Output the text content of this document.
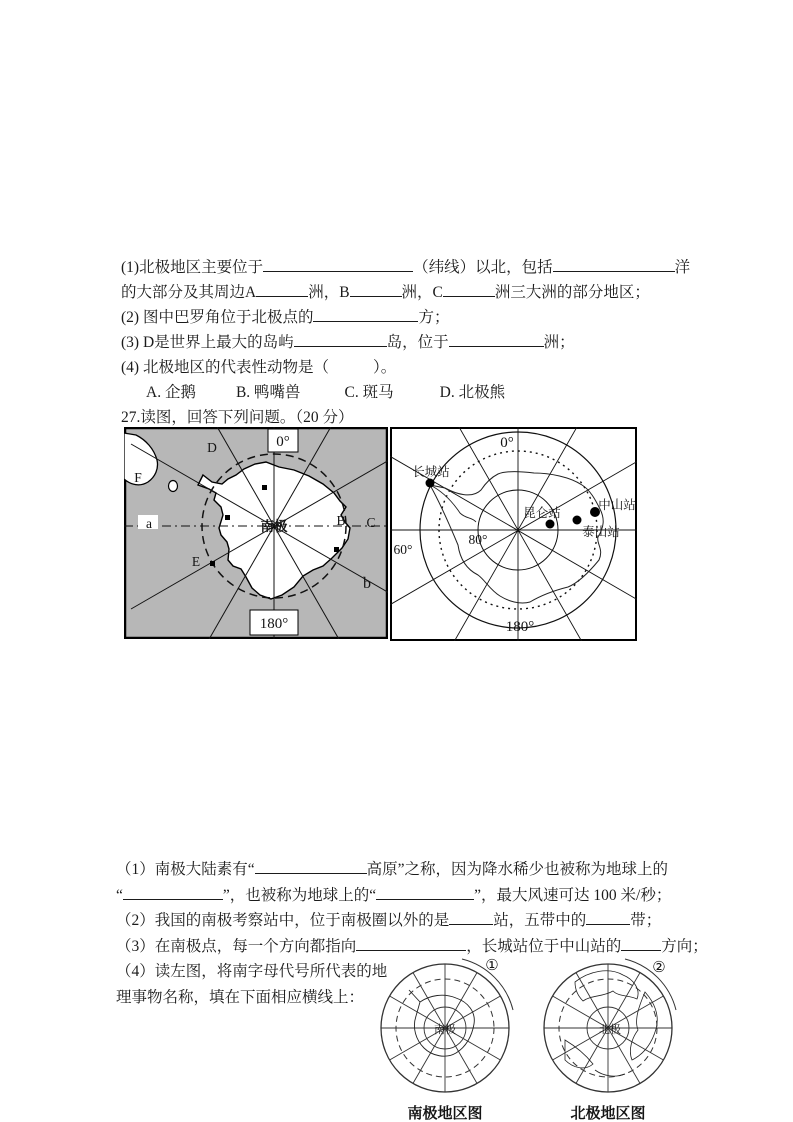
(1)北极地区主要位于	（纬线）以北，包括	洋
的大部分及其周边A	洲，B	洲，C	洲三大洲的部分地区；
(2) 图中巴罗角位于北极点的	方；
(3) D是世界上最大的岛屿	岛，位于	洲；
(4) 北极地区的代表性动物是（	）。
A. 企鹅	B. 鸭嘴兽	C. 斑马	D. 北极熊
27.读图，回答下列问题。（20 分）
0°
180°
南极
D
F
a
E
B C
b
长城站
昆仑站
中山站
泰山站
0°
180°
60°
80°
（1）南极大陆素有“	高原”之称，因为降水稀少也被称为地球上的
“	”，也被称为地球上的“	”，最大风速可达 100 米/秒；
（2）我国的南极考察站中，位于南极圈以外的是	站，五带中的	带；
（3）在南极点，每一个方向都指向	，长城站位于中山站的	方向；
（4）读左图，将南字母代号所代表的地
理事物名称，填在下面相应横线上：
南极
①
南极地区图
北极
②
北极地区图
